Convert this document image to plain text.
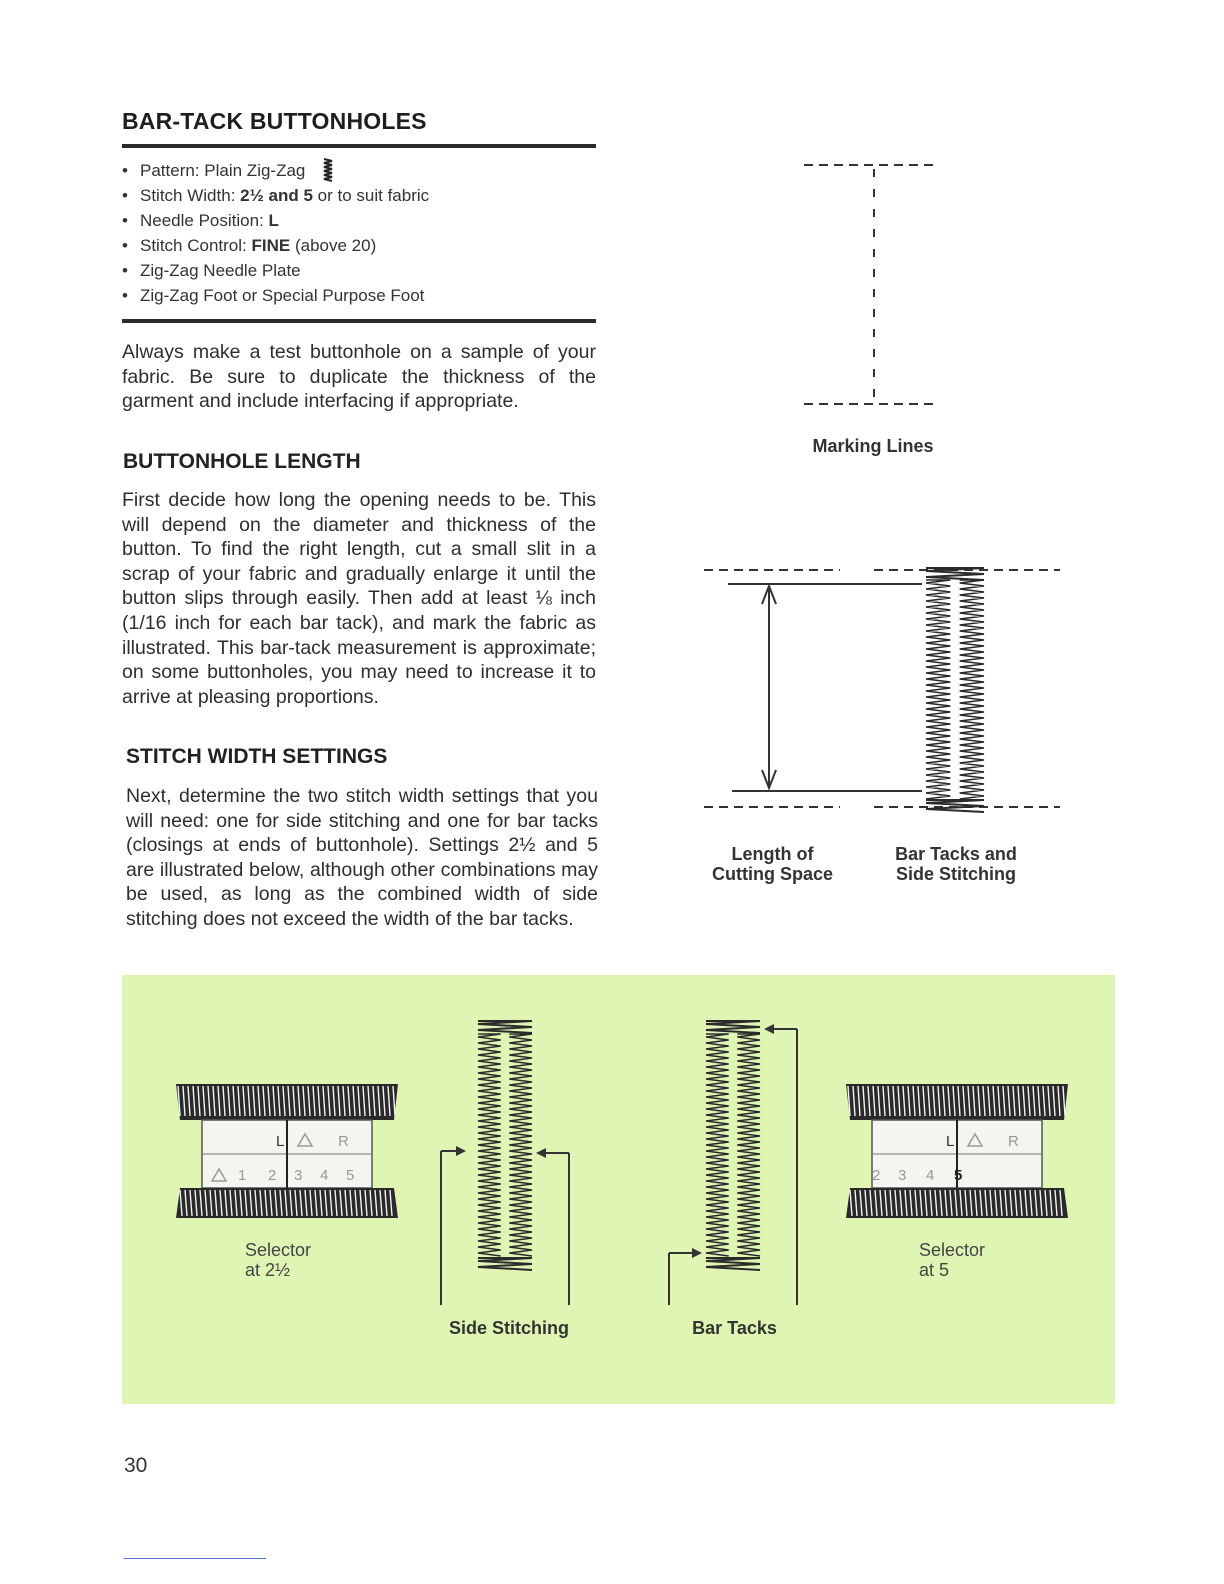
BAR-TACK BUTTONHOLES
• Pattern: Plain Zig-Zag
• Stitch Width: 2½ and 5 or to suit fabric
• Needle Position: L
• Stitch Control: FINE (above 20)
• Zig-Zag Needle Plate
• Zig-Zag Foot or Special Purpose Foot
Always make a test buttonhole on a sample of your fabric. Be sure to duplicate the thickness of the garment and include interfacing if appropriate.
BUTTONHOLE LENGTH
First decide how long the opening needs to be. This will depend on the diameter and thickness of the button. To find the right length, cut a small slit in a scrap of your fabric and gradually enlarge it until the button slips through easily. Then add at least ⅛ inch (1/16 inch for each bar tack), and mark the fabric as illustrated. This bar-tack measurement is approximate; on some buttonholes, you may need to increase it to arrive at pleasing proportions.
STITCH WIDTH SETTINGS
Next, determine the two stitch width settings that you will need: one for side stitching and one for bar tacks (closings at ends of buttonhole). Settings 2½ and 5 are illustrated below, although other combinations may be used, as long as the combined width of side stitching does not exceed the width of the bar tacks.
Marking Lines
Length of
Cutting Space
Bar Tacks and
Side Stitching
L	R
1 2 3 4 5
Selector
at 2½
Side Stitching	Bar Tacks
L	R
2 3 4 5
Selector
at 5
30
